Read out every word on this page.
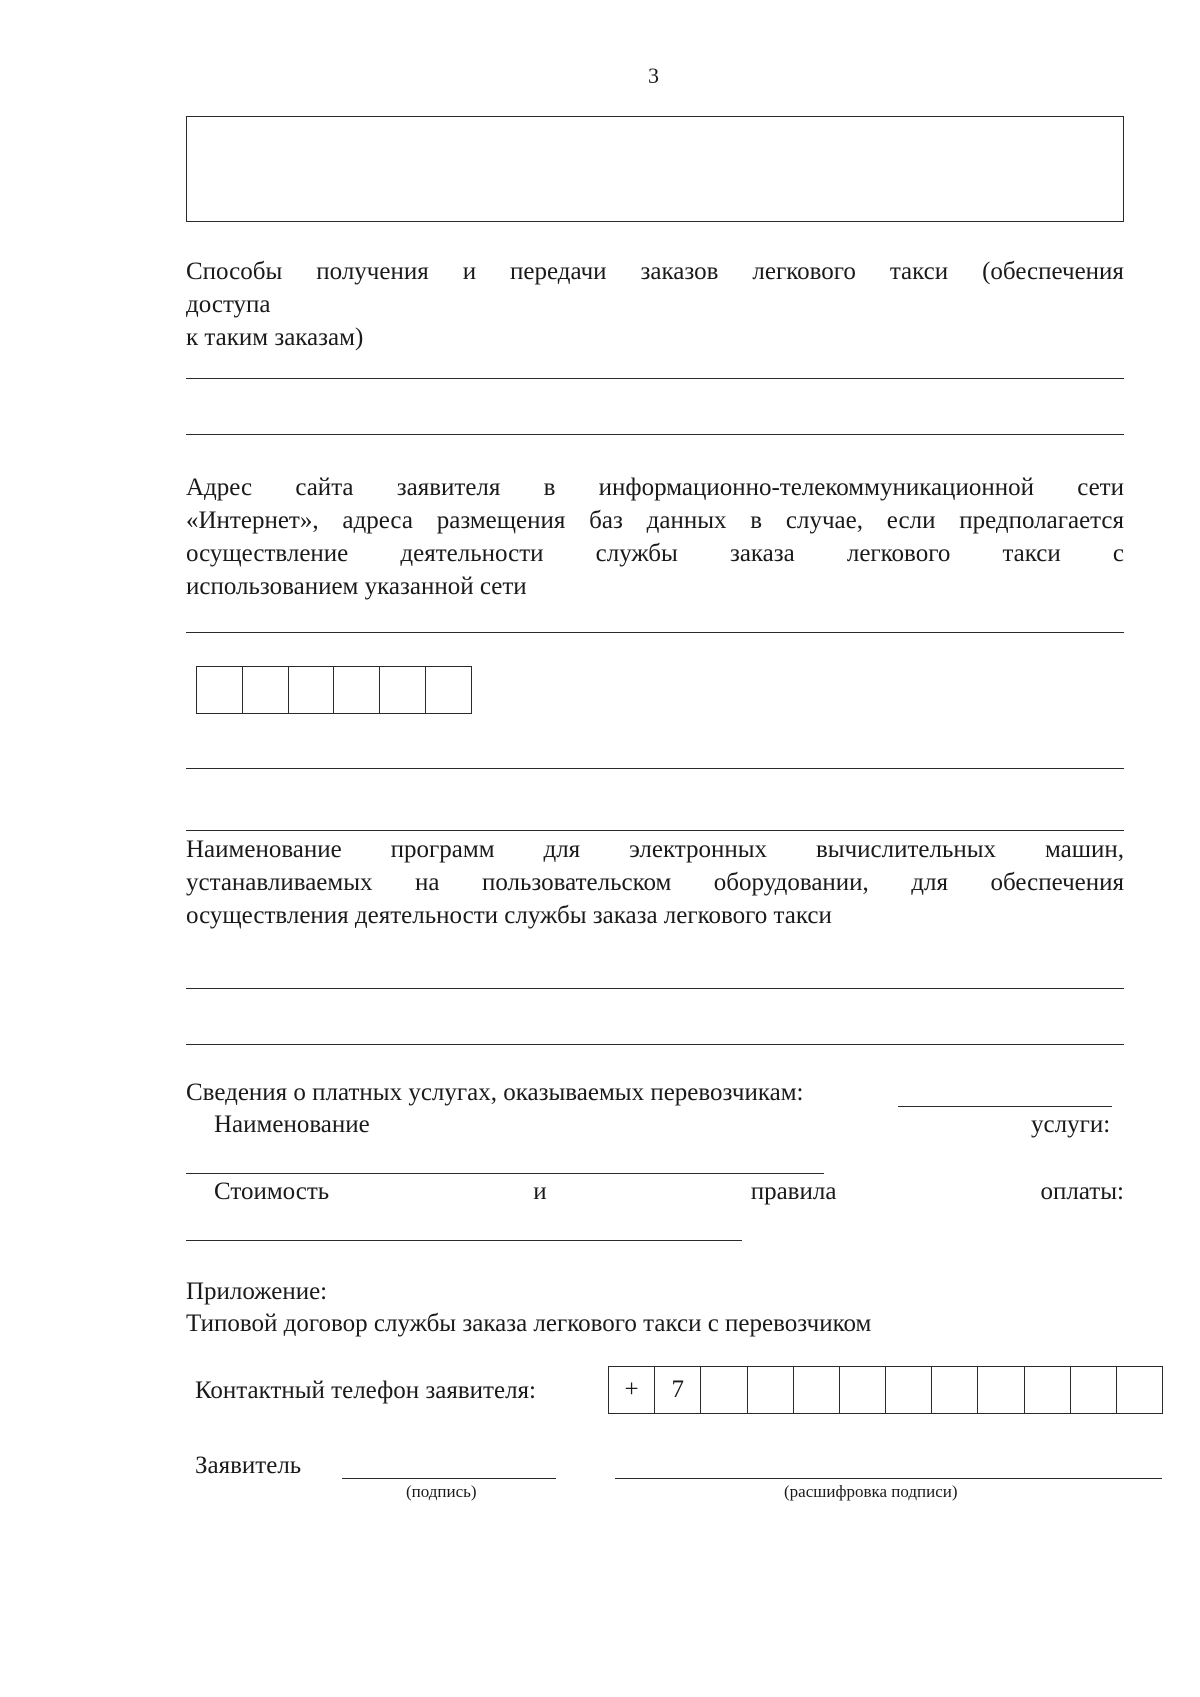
3
Способы получения и передачи заказов легкового такси (обеспечения
доступа
к таким заказам)
Адрес сайта заявителя в информационно-телекоммуникационной сети
«Интернет», адреса размещения баз данных в случае, если предполагается
осуществление деятельности службы заказа легкового такси с
использованием указанной сети
Наименование программ для электронных вычислительных машин,
устанавливаемых на пользовательском оборудовании, для обеспечения
осуществления деятельности службы заказа легкового такси
Сведения о платных услугах, оказываемых перевозчикам:
Наименование	услуги:
Стоимость	и	правила	оплаты:
Приложение:
Типовой договор службы заказа легкового такси с перевозчиком
Контактный телефон заявителя:	+	7
Заявитель
(подпись)	(расшифровка подписи)
